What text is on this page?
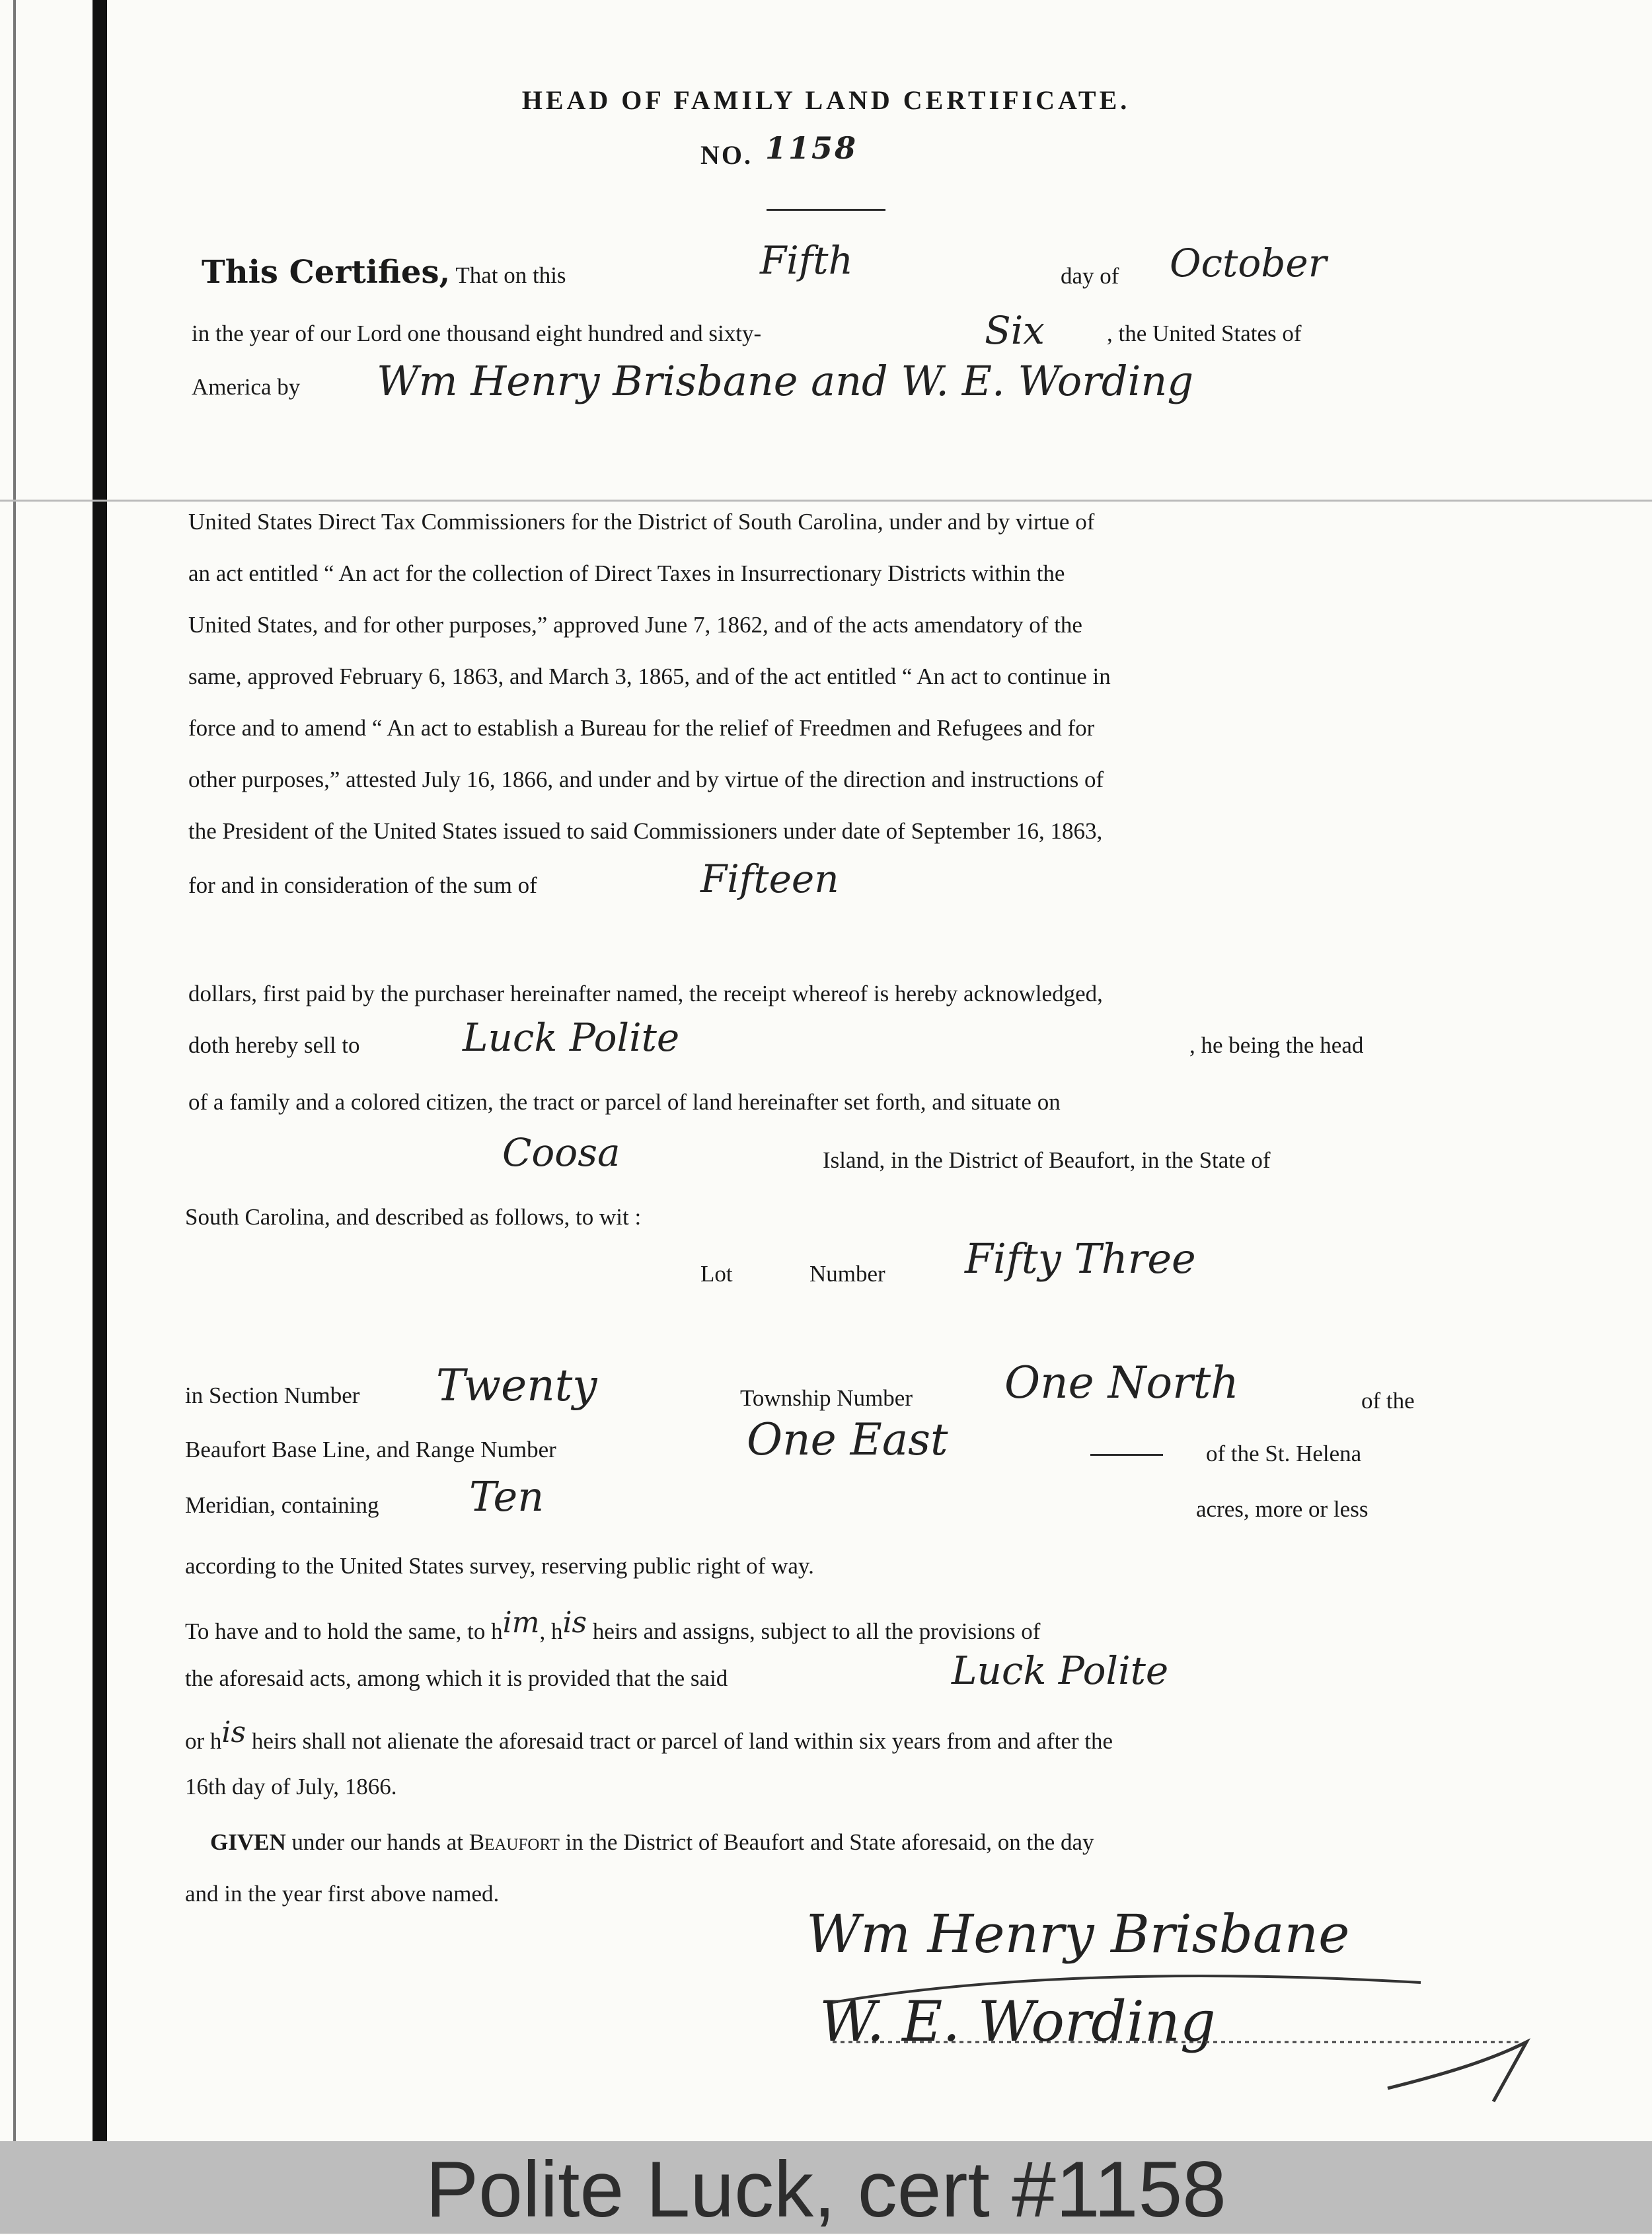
HEAD OF FAMILY LAND CERTIFICATE.
NO. 1158
This Certifies, That on this	Fifth	day of October
in the year of our Lord one thousand eight hundred and sixty-	Six	, the United States of
America by Wm Henry Brisbane and W. E. Wording
United States Direct Tax Commissioners for the District of South Carolina, under and by virtue of
an act entitled “ An act for the collection of Direct Taxes in Insurrectionary Districts within the
United States, and for other purposes,” approved June 7, 1862, and of the acts amendatory of the
same, approved February 6, 1863, and March 3, 1865, and of the act entitled “ An act to continue in
force and to amend “ An act to establish a Bureau for the relief of Freedmen and Refugees and for
other purposes,” attested July 16, 1866, and under and by virtue of the direction and instructions of
the President of the United States issued to said Commissioners under date of September 16, 1863,
for and in consideration of the sum of	Fifteen
dollars, first paid by the purchaser hereinafter named, the receipt whereof is hereby acknowledged,
doth hereby sell to	Luck Polite	, he being the head
of a family and a colored citizen, the tract or parcel of land hereinafter set forth, and situate on
Coosa	Island, in the District of Beaufort, in the State of
South Carolina, and described as follows, to wit :
Lot	Number Fifty Three
in Section Number Twenty	Township Number One North	of the
Beaufort Base Line, and Range Number	One East	of the St. Helena
Meridian, containing Ten	acres, more or less
according to the United States survey, reserving public right of way.
To have and to hold the same, to him, his heirs and assigns, subject to all the provisions of
the aforesaid acts, among which it is provided that the said	Luck Polite
or his heirs shall not alienate the aforesaid tract or parcel of land within six years from and after the
16th day of July, 1866.
GIVEN under our hands at Beaufort in the District of Beaufort and State aforesaid, on the day
and in the year first above named.
Wm Henry Brisbane
W. E. Wording
Polite Luck, cert #1158
